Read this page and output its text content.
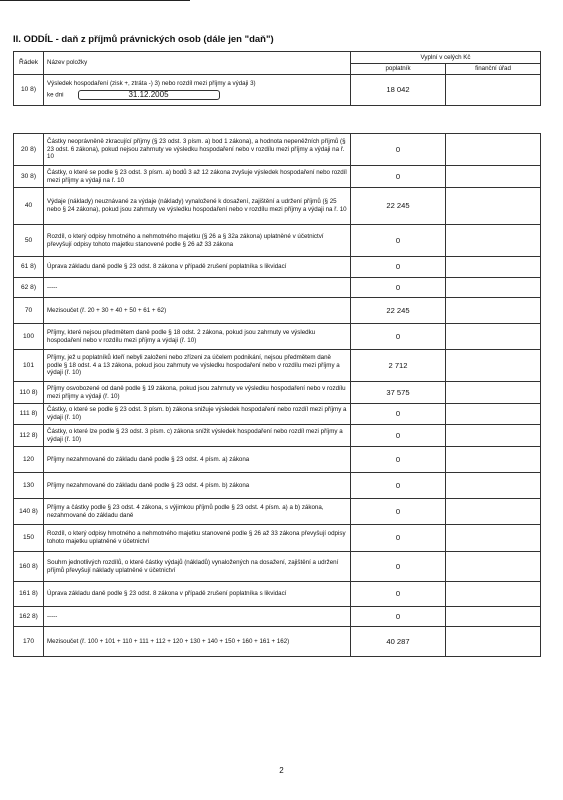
II. ODDÍL - daň z příjmů právnických osob (dále jen "daň")
Řádek	Název položky	Vyplní v celých Kč	
		poplatník	finanční úřad
10 8)	Výsledek hospodaření (zisk +, ztráta -) 3) nebo rozdíl mezi příjmy a výdaji 3)
ke dni 31.12.2005	18 042	
20 8)	Částky neoprávněně zkracující příjmy (§ 23 odst. 3 písm. a) bod 1 zákona), a hodnota nepeněžních příjmů (§ 23 odst. 6 zákona), pokud nejsou zahrnuty ve výsledku hospodaření nebo v rozdílu mezi příjmy a výdaji na ř. 10	0	
30 8)	Částky, o které se podle § 23 odst. 3 písm. a) bodů 3 až 12 zákona zvyšuje výsledek hospodaření nebo rozdíl mezi příjmy a výdaji na ř. 10	0	
40	Výdaje (náklady) neuznávané za výdaje (náklady) vynaložené k dosažení, zajištění a udržení příjmů (§ 25 nebo § 24 zákona), pokud jsou zahrnuty ve výsledku hospodaření nebo v rozdílu mezi příjmy a výdaji na ř. 10	22 245	
50	Rozdíl, o který odpisy hmotného a nehmotného majetku (§ 26 a § 32a zákona) uplatněné v účetnictví převyšují odpisy tohoto majetku stanovené podle § 26 až 33 zákona	0	
61 8)	Úprava základu daně podle § 23 odst. 8 zákona v případě zrušení poplatníka s likvidací	0	
62 8)	-----	0	
70	Mezisoučet (ř. 20 + 30 + 40 + 50 + 61 + 62)	22 245	
100	Příjmy, které nejsou předmětem daně podle § 18 odst. 2 zákona, pokud jsou zahrnuty ve výsledku hospodaření nebo v rozdílu mezi příjmy a výdaji (ř. 10)	0	
101	Příjmy, jež u poplatníků kteří nebyli založeni nebo zřízeni za účelem podnikání, nejsou předmětem daně podle § 18 odst. 4 a 13 zákona, pokud jsou zahrnuty ve výsledku hospodaření nebo v rozdílu mezi příjmy a výdaji (ř. 10)	2 712	
110 8)	Příjmy osvobozené od daně podle § 19 zákona, pokud jsou zahrnuty ve výsledku hospodaření nebo v rozdílu mezi příjmy a výdaji (ř. 10)	37 575	
111 8)	Částky, o které se podle § 23 odst. 3 písm. b) zákona snižuje výsledek hospodaření nebo rozdíl mezi příjmy a výdaji (ř. 10)	0	
112 8)	Částky, o které lze podle § 23 odst. 3 písm. c) zákona snížit výsledek hospodaření nebo rozdíl mezi příjmy a výdaji (ř. 10)	0	
120	Příjmy nezahrnované do základu daně podle § 23 odst. 4 písm. a) zákona	0	
130	Příjmy nezahrnované do základu daně podle § 23 odst. 4 písm. b) zákona	0	
140 8)	Příjmy a částky podle § 23 odst. 4 zákona, s výjimkou příjmů podle § 23 odst. 4 písm. a) a b) zákona, nezahrnované do základu daně	0	
150	Rozdíl, o který odpisy hmotného a nehmotného majetku stanovené podle § 26 až 33 zákona převyšují odpisy tohoto majetku uplatněné v účetnictví	0	
160 8)	Souhrn jednotlivých rozdílů, o které částky výdajů (nákladů) vynaložených na dosažení, zajištění a udržení příjmů převyšují náklady uplatněné v účetnictví	0	
161 8)	Úprava základu daně podle § 23 odst. 8 zákona v případě zrušení poplatníka s likvidací	0	
162 8)	-----	0	
170	Mezisoučet (ř. 100 + 101 + 110 + 111 + 112 + 120 + 130 + 140 + 150 + 160 + 161 + 162)	40 287	
2
